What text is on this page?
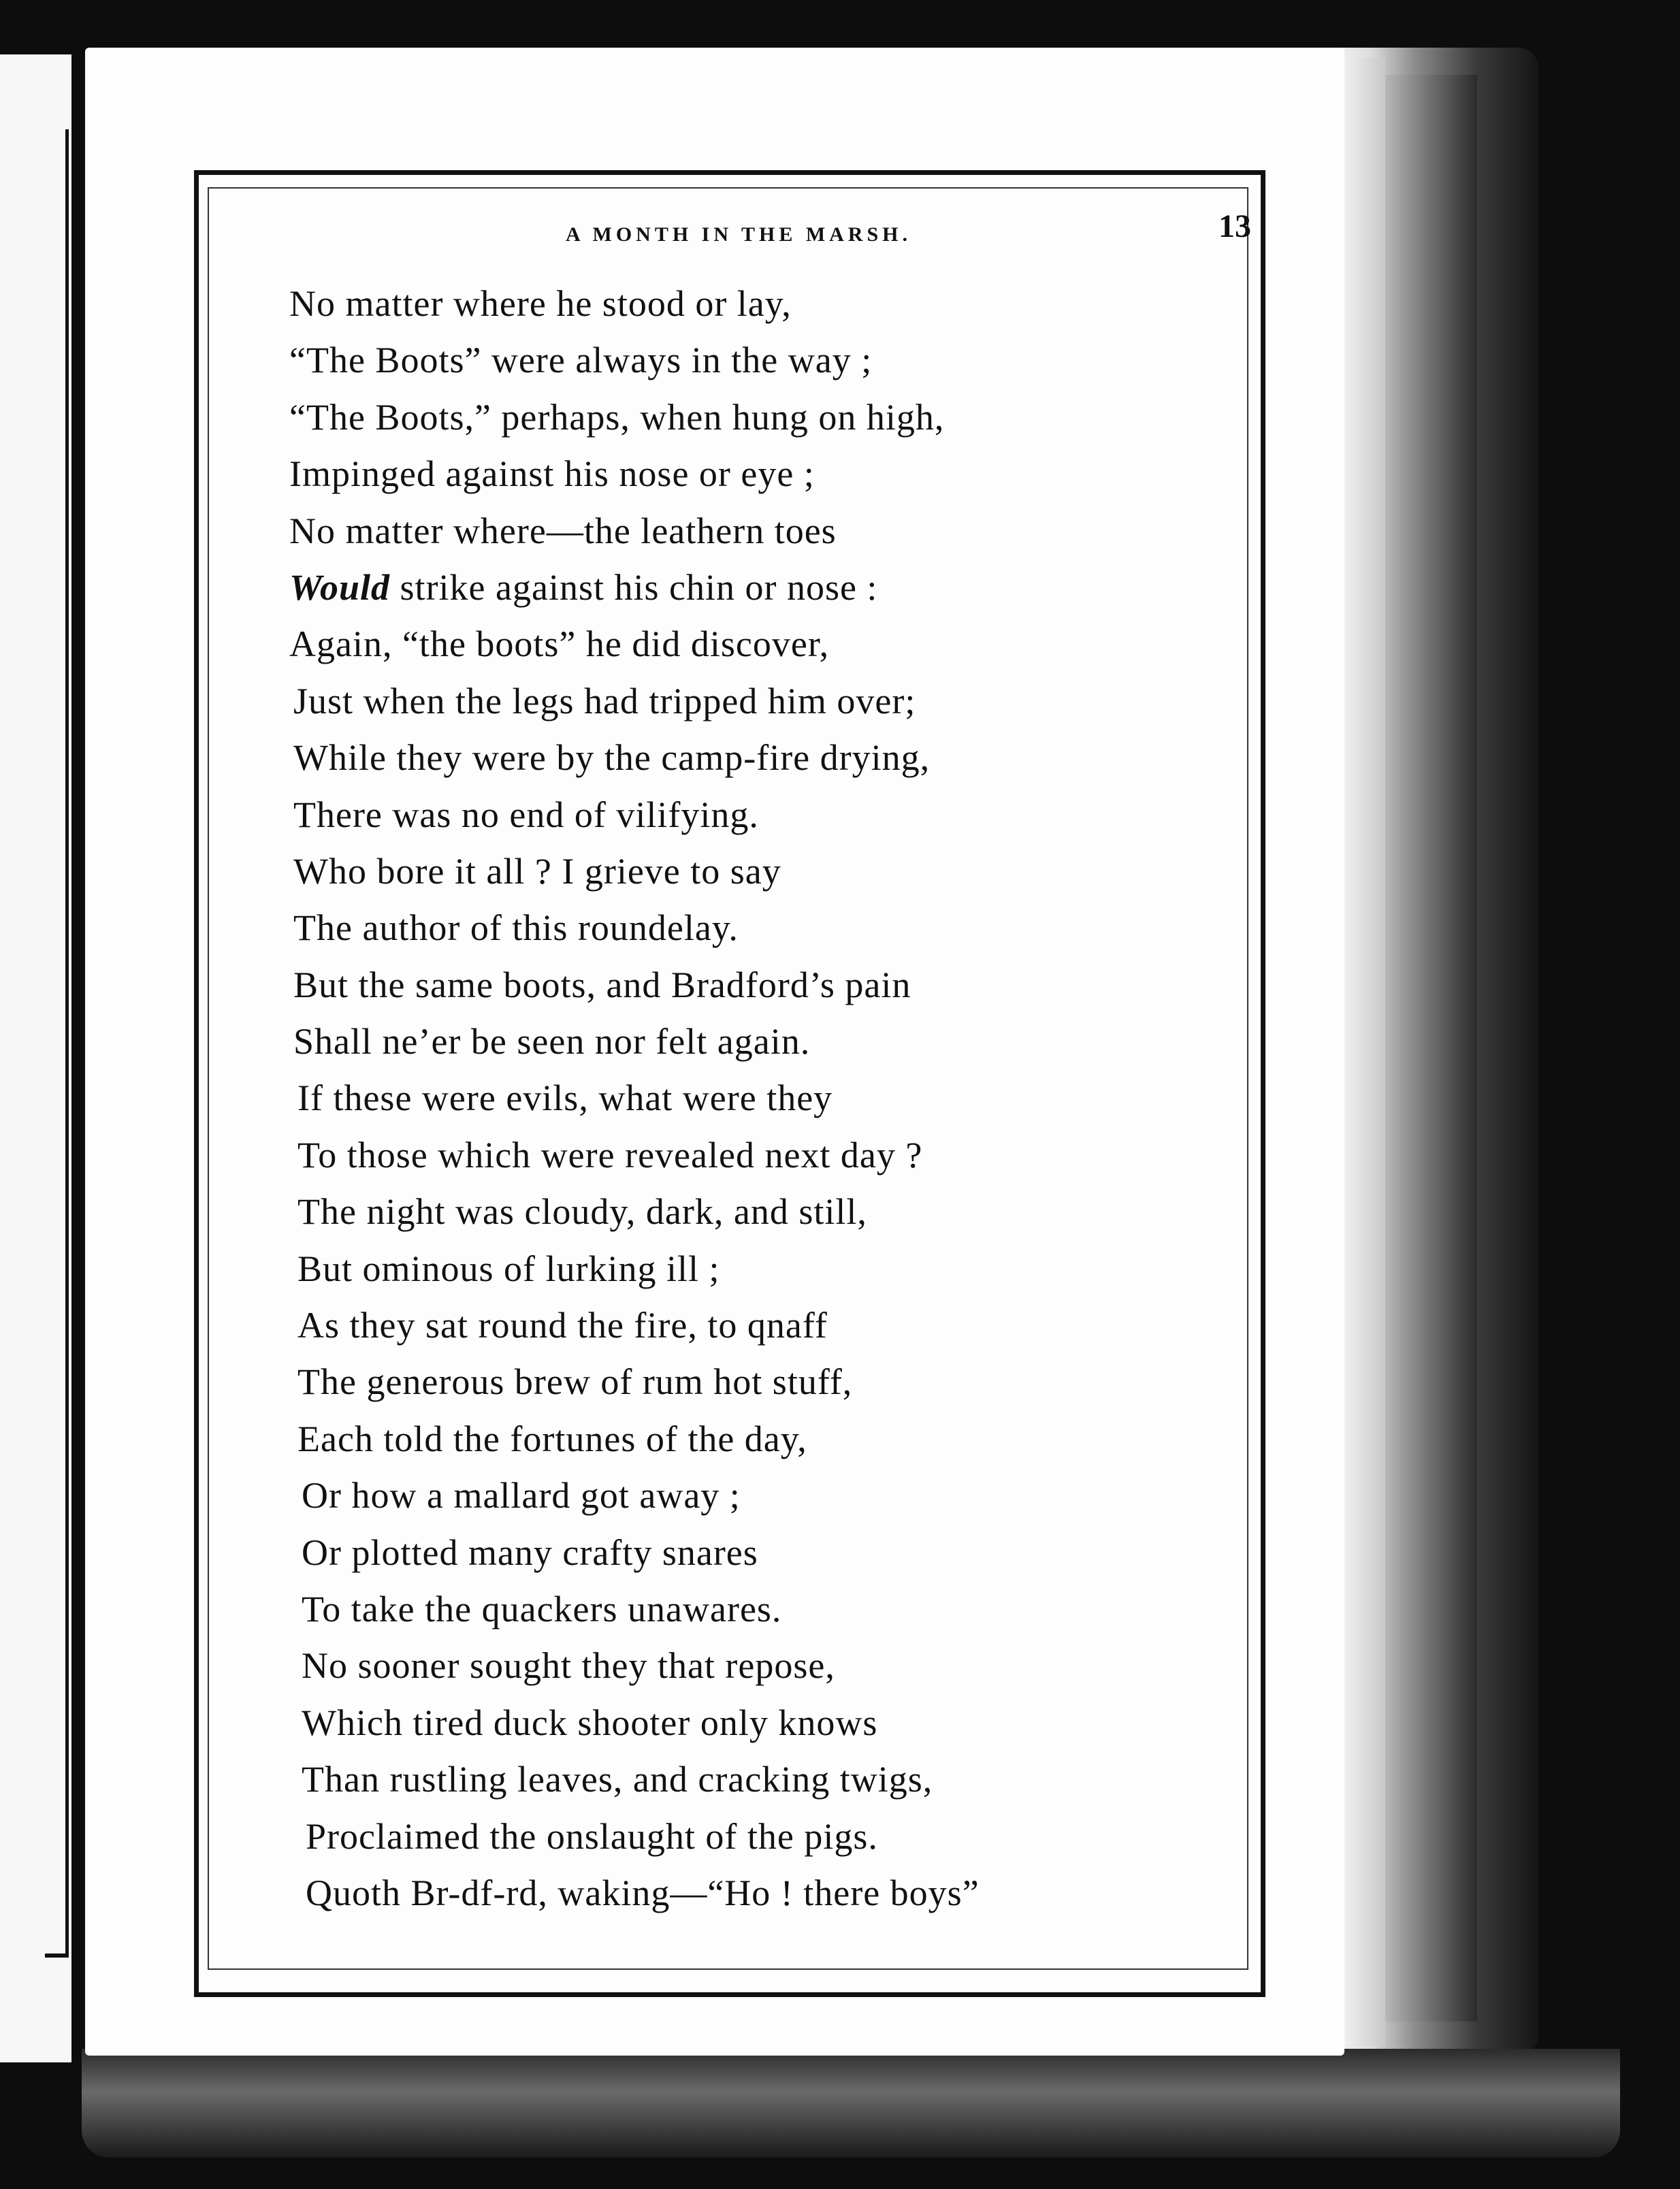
A MONTH IN THE MARSH.	13
No matter where he stood or lay,
“The Boots” were always in the way ;
“The Boots,” perhaps, when hung on high,
Impinged against his nose or eye ;
No matter where—the leathern toes
Would strike against his chin or nose :
Again, “the boots” he did discover,
Just when the legs had tripped him over;
While they were by the camp-fire drying,
There was no end of vilifying.
Who bore it all ? I grieve to say
The author of this roundelay.
But the same boots, and Bradford’s pain
Shall ne’er be seen nor felt again.
If these were evils, what were they
To those which were revealed next day ?
The night was cloudy, dark, and still,
But ominous of lurking ill ;
As they sat round the fire, to qnaff
The generous brew of rum hot stuff,
Each told the fortunes of the day,
Or how a mallard got away ;
Or plotted many crafty snares
To take the quackers unawares.
No sooner sought they that repose,
Which tired duck shooter only knows
Than rustling leaves, and cracking twigs,
Proclaimed the onslaught of the pigs.
Quoth Br-df-rd, waking—“Ho ! there boys”
